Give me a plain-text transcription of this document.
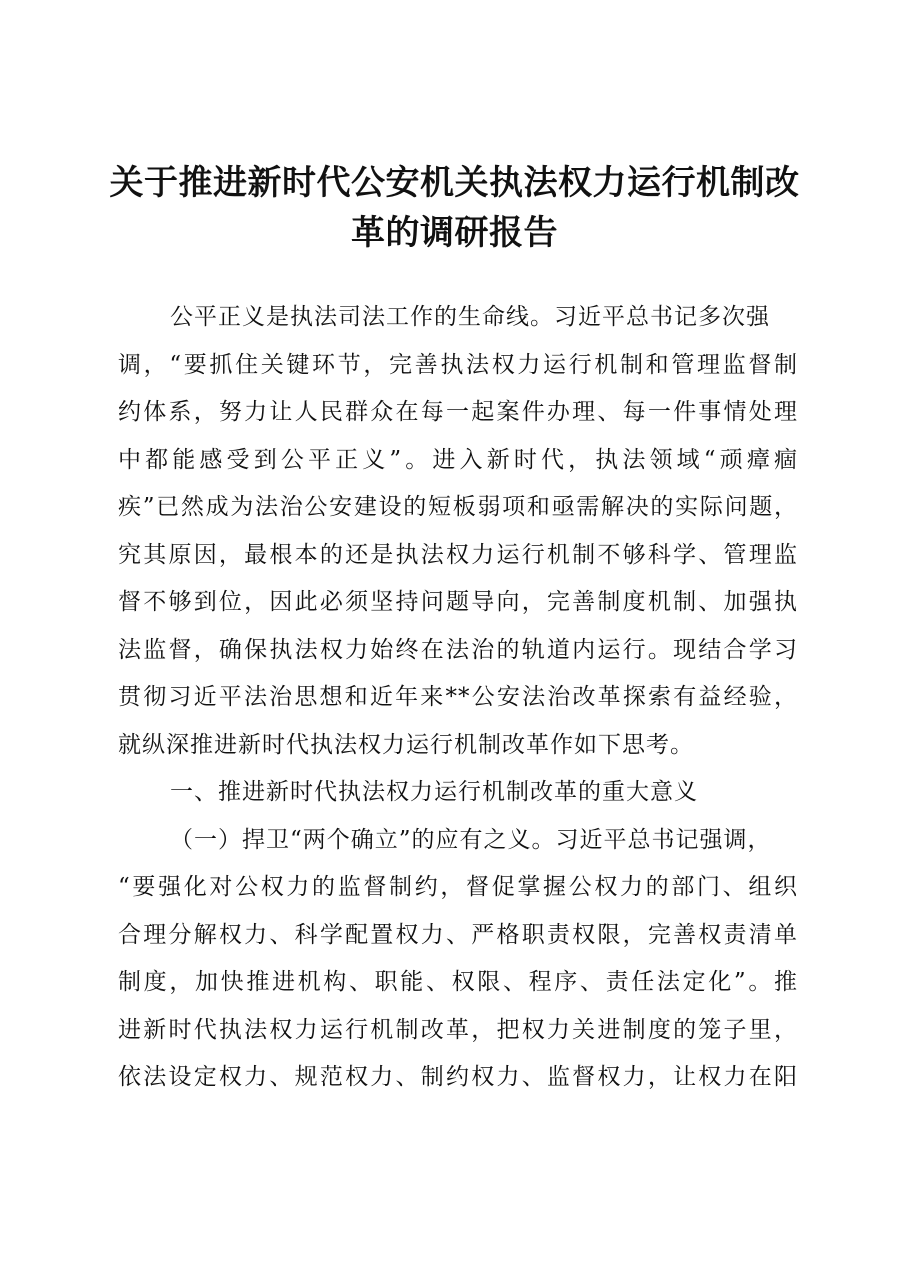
关于推进新时代公安机关执法权力运行机制改
革的调研报告
公平正义是执法司法工作的生命线。习近平总书记多次强
调，“要抓住关键环节，完善执法权力运行机制和管理监督制
约体系，努力让人民群众在每一起案件办理、每一件事情处理
中都能感受到公平正义”。进入新时代，执法领域“顽瘴痼
疾”已然成为法治公安建设的短板弱项和亟需解决的实际问题，
究其原因，最根本的还是执法权力运行机制不够科学、管理监
督不够到位，因此必须坚持问题导向，完善制度机制、加强执
法监督，确保执法权力始终在法治的轨道内运行。现结合学习
贯彻习近平法治思想和近年来**公安法治改革探索有益经验，
就纵深推进新时代执法权力运行机制改革作如下思考。
一、推进新时代执法权力运行机制改革的重大意义
（一）捍卫“两个确立”的应有之义。习近平总书记强调，
“要强化对公权力的监督制约，督促掌握公权力的部门、组织
合理分解权力、科学配置权力、严格职责权限，完善权责清单
制度，加快推进机构、职能、权限、程序、责任法定化”。推
进新时代执法权力运行机制改革，把权力关进制度的笼子里，
依法设定权力、规范权力、制约权力、监督权力，让权力在阳
